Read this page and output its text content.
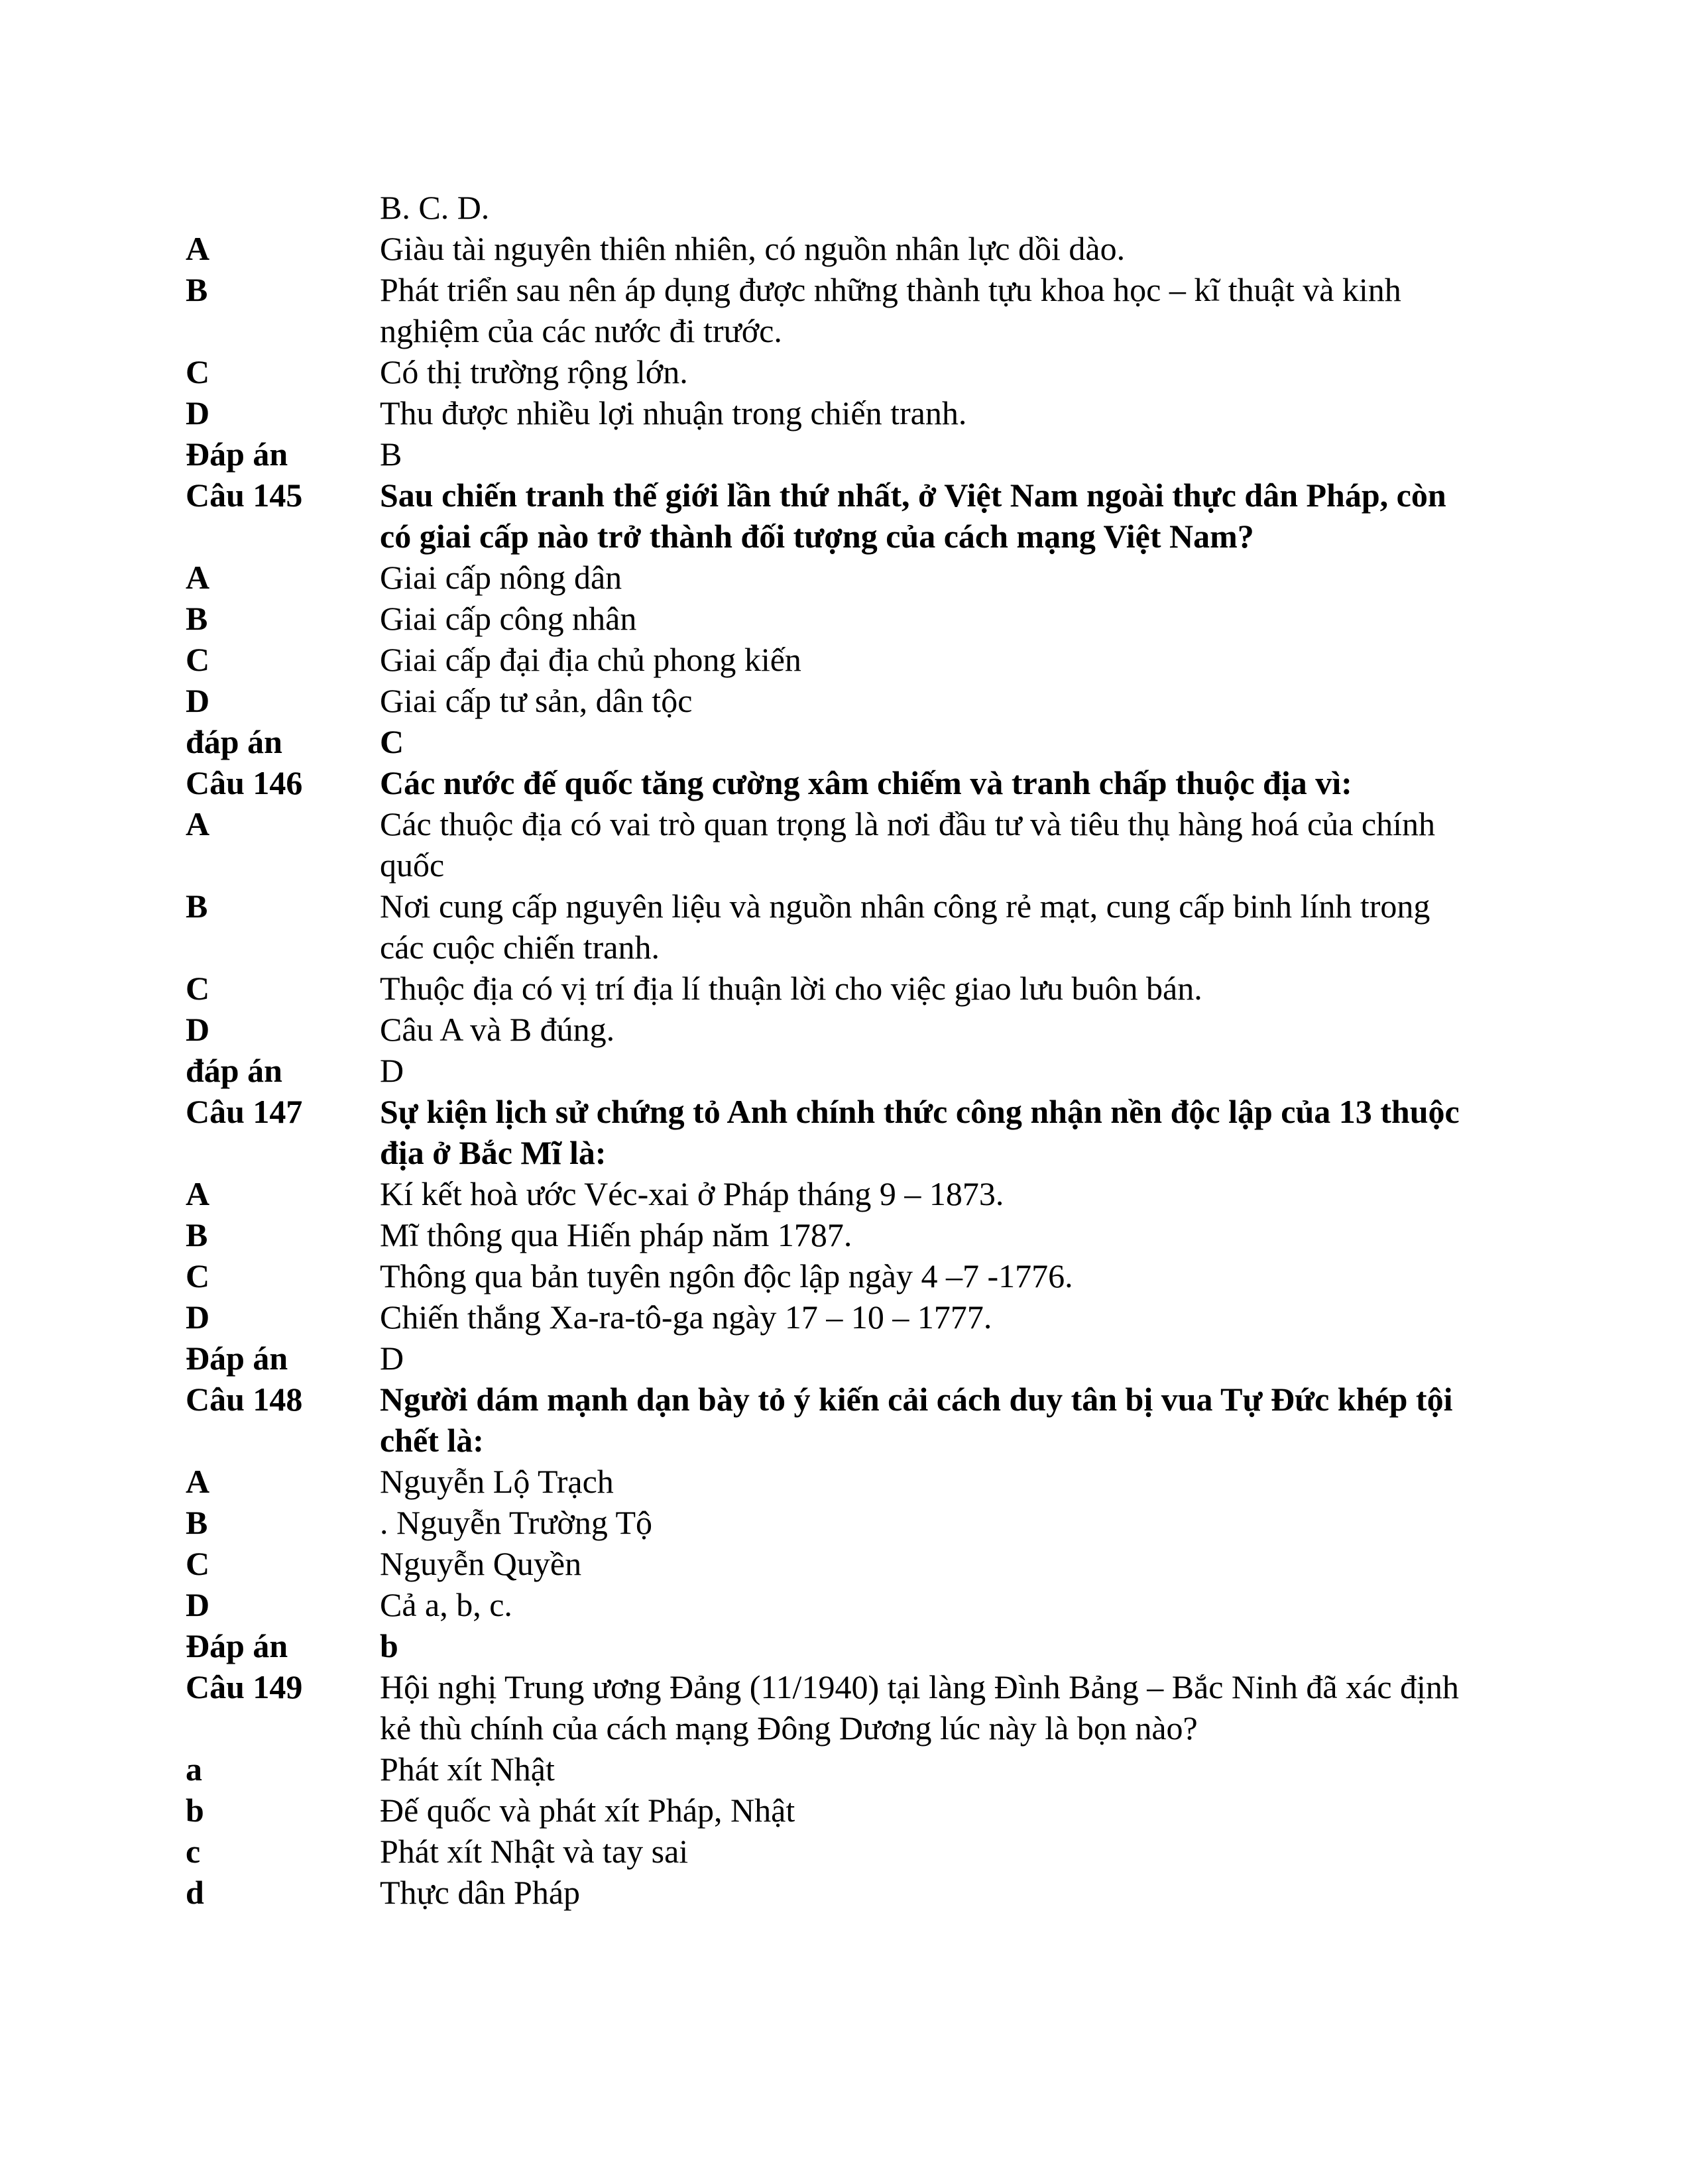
B. C. D.
A	Giàu tài nguyên thiên nhiên, có nguồn nhân lực dồi dào.
B	Phát triển sau nên áp dụng được những thành tựu khoa học – kĩ thuật và kinh nghiệm của các nước đi trước.
C	Có thị trường rộng lớn.
D	Thu được nhiều lợi nhuận trong chiến tranh.
Đáp án	B
Câu 145	Sau chiến tranh thế giới lần thứ nhất, ở Việt Nam ngoài thực dân Pháp, còn có giai cấp nào trở thành đối tượng của cách mạng Việt Nam?
A	Giai cấp nông dân
B	Giai cấp công nhân
C	Giai cấp đại địa chủ phong kiến
D	Giai cấp tư sản, dân tộc
đáp án	C
Câu 146	Các nước đế quốc tăng cường xâm chiếm và tranh chấp thuộc địa vì:
A	Các thuộc địa có vai trò quan trọng là nơi đầu tư và tiêu thụ hàng hoá của chính quốc
B	Nơi cung cấp nguyên liệu và nguồn nhân công rẻ mạt, cung cấp binh lính trong các cuộc chiến tranh.
C	Thuộc địa có vị trí địa lí thuận lời cho việc giao lưu buôn bán.
D	Câu A và B đúng.
đáp án	D
Câu 147	Sự kiện lịch sử chứng tỏ Anh chính thức công nhận nền độc lập của 13 thuộc địa ở Bắc Mĩ là:
A	Kí kết hoà ước Véc-xai ở Pháp tháng 9 – 1873.
B	Mĩ thông qua Hiến pháp năm 1787.
C	Thông qua bản tuyên ngôn độc lập ngày 4 –7 -1776.
D	Chiến thắng Xa-ra-tô-ga ngày 17 – 10 – 1777.
Đáp án	D
Câu 148	Người dám mạnh dạn bày tỏ ý kiến cải cách duy tân bị vua Tự Đức khép tội chết là:
A	Nguyễn Lộ Trạch
B	. Nguyễn Trường Tộ
C	Nguyễn Quyền
D	Cả a, b, c.
Đáp án	b
Câu 149	Hội nghị Trung ương Đảng (11/1940) tại làng Đình Bảng – Bắc Ninh đã xác định kẻ thù chính của cách mạng Đông Dương lúc này là bọn nào?
a	Phát xít Nhật
b	Đế quốc và phát xít Pháp, Nhật
c	Phát xít Nhật và tay sai
d	Thực dân Pháp
